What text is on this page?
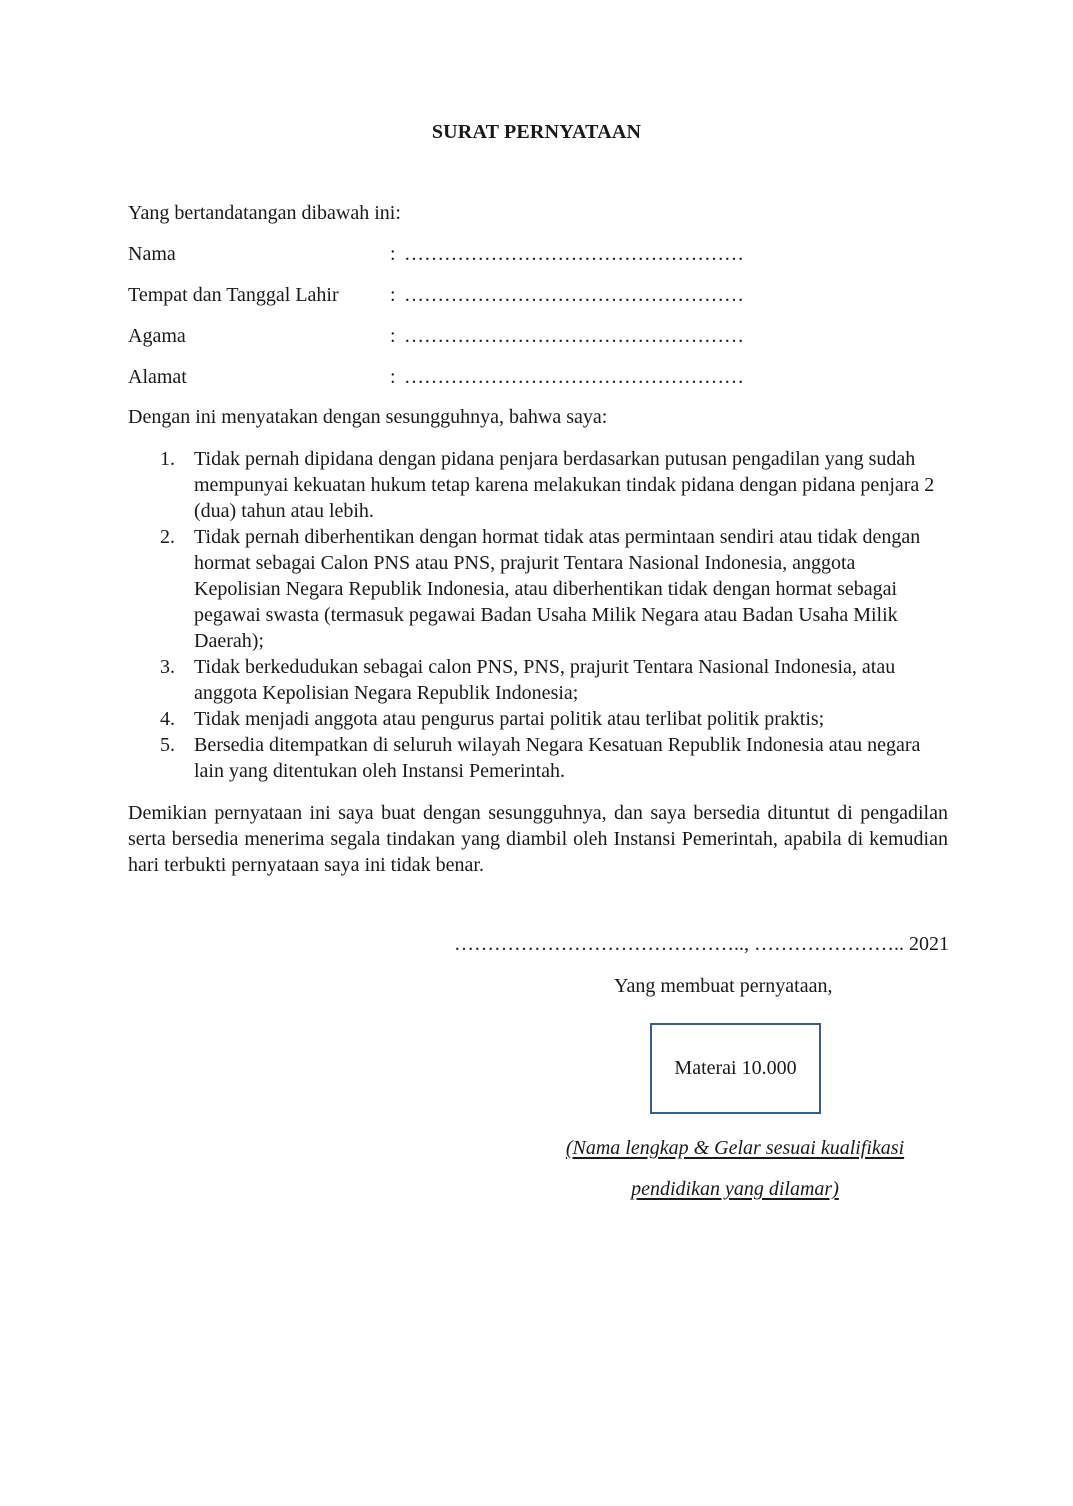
SURAT PERNYATAAN
Yang bertandatangan dibawah ini:
Nama	: ……………………………………………
Tempat dan Tanggal Lahir	: ……………………………………………
Agama	: ……………………………………………
Alamat	: ……………………………………………
Dengan ini menyatakan dengan sesungguhnya, bahwa saya:
1. Tidak pernah dipidana dengan pidana penjara berdasarkan putusan pengadilan yang sudah mempunyai kekuatan hukum tetap karena melakukan tindak pidana dengan pidana penjara 2 (dua) tahun atau lebih.
2. Tidak pernah diberhentikan dengan hormat tidak atas permintaan sendiri atau tidak dengan hormat sebagai Calon PNS atau PNS, prajurit Tentara Nasional Indonesia, anggota Kepolisian Negara Republik Indonesia, atau diberhentikan tidak dengan hormat sebagai pegawai swasta (termasuk pegawai Badan Usaha Milik Negara atau Badan Usaha Milik Daerah);
3. Tidak berkedudukan sebagai calon PNS, PNS, prajurit Tentara Nasional Indonesia, atau anggota Kepolisian Negara Republik Indonesia;
4. Tidak menjadi anggota atau pengurus partai politik atau terlibat politik praktis;
5. Bersedia ditempatkan di seluruh wilayah Negara Kesatuan Republik Indonesia atau negara lain yang ditentukan oleh Instansi Pemerintah.
Demikian pernyataan ini saya buat dengan sesungguhnya, dan saya bersedia dituntut di pengadilan serta bersedia menerima segala tindakan yang diambil oleh Instansi Pemerintah, apabila di kemudian hari terbukti pernyataan saya ini tidak benar.
…………………………………….., ………………….. 2021
Yang membuat pernyataan,
Materai 10.000
(Nama lengkap & Gelar sesuai kualifikasi
pendidikan yang dilamar)
